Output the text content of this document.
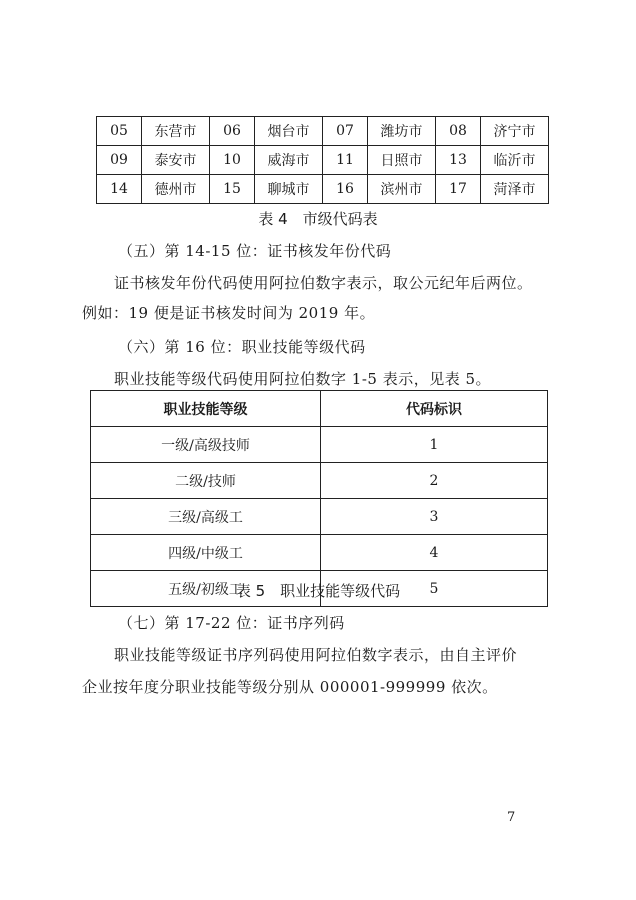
05	东营市	06	烟台市	07	潍坊市	08	济宁市
09	泰安市	10	威海市	11	日照市	13	临沂市
14	德州市	15	聊城市	16	滨州市	17	菏泽市
表 4　市级代码表
（五）第 14-15 位：证书核发年份代码
证书核发年份代码使用阿拉伯数字表示，取公元纪年后两位。
例如：19 便是证书核发时间为 2019 年。
（六）第 16 位：职业技能等级代码
职业技能等级代码使用阿拉伯数字 1-5 表示，见表 5。
职业技能等级	代码标识
一级/高级技师	1
二级/技师	2
三级/高级工	3
四级/中级工	4
五级/初级工	5
表 5　职业技能等级代码
（七）第 17-22 位：证书序列码
职业技能等级证书序列码使用阿拉伯数字表示，由自主评价
企业按年度分职业技能等级分别从 000001-999999 依次。
7
